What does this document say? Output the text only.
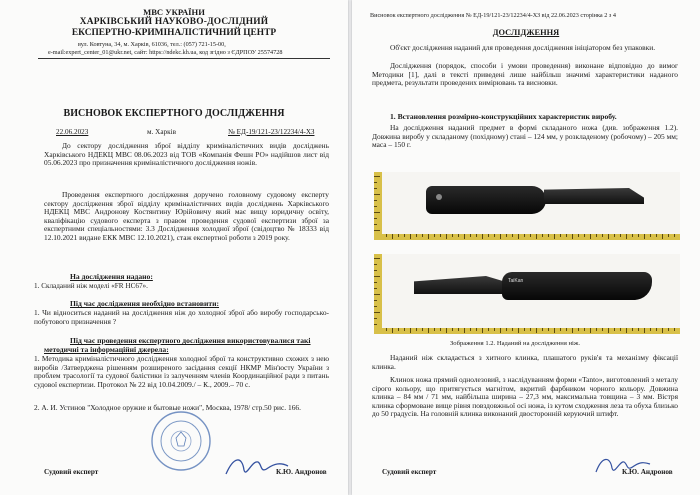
МВС УКРАЇНИ
ХАРКІВСЬКИЙ НАУКОВО-ДОСЛІДНИЙ
ЕКСПЕРТНО-КРИМІНАЛІСТИЧНИЙ ЦЕНТР
вул. Ковтуна, 34, м. Харків, 61036, тел.: (057) 721-15-00,
e-mail:expert_center_01@ukr.net, сайт: https://ndekc.kh.ua, код згідно з ЄДРПОУ 25574728
ВИСНОВОК ЕКСПЕРТНОГО ДОСЛІДЖЕННЯ
22.06.2023	м. Харків	№ ЕД-19/121-23/12234/4-ХЗ
До сектору дослідження зброї відділу криміналістичних видів досліджень Харківського НДЕКЦ МВС 08.06.2023 від ТОВ «Компанія Фешн РО» надійшов лист від 05.06.2023 про призначення криміналістичного дослідження ножів.
Проведення експертного дослідження доручено головному судовому експерту сектору дослідження зброї відділу криміналістичних видів досліджень Харківського НДЕКЦ МВС Андронову Костянтину Юрійовичу який має вищу юридичну освіту, кваліфікацію судового експерта з правом проведення судової експертизи зброї за експертними спеціальностями: 3.3 Дослідження холодної зброї (свідоцтво № 18333 від 12.10.2021 видане ЕКК МВС 12.10.2021), стаж експертної роботи з 2019 року.
На дослідження надано:
1. Складаний ніж моделі «FR HC67».
Під час дослідження необхідно встановити:
1. Чи відноситься наданий на дослідження ніж до холодної зброї або виробу господарсько-побутового призначення ?
Під час проведення експертного дослідження використовувалися такі
методичні та інформаційні джерела:
1. Методика криміналістичного дослідження холодної зброї та конструктивно схожих з нею виробів /Затверджена рішенням розширеного засідання секції НКМР Мін'юсту України з проблем трасології та судової балістики із залученням членів Координаційної ради з питань судової експертизи. Протокол № 22 від 10.04.2009./ – К., 2009.– 70 с.
2. А. И. Устинов "Холодное оружие и бытовые ножи", Москва, 1978/ стр.50 рис. 166.
Судовий експерт	К.Ю. Андронов
Висновок експертного дослідження № ЕД-19/121-23/12234/4-ХЗ від 22.06.2023 сторінка 2 з 4
ДОСЛІДЖЕННЯ
Об'єкт дослідження наданий для проведення дослідження ініціатором без упаковки.
Дослідження (порядок, способи і умови проведення) виконане відповідно до вимог Методики [1], далі в тексті приведені лише найбільш значимі характеристики наданого предмета, результати проведених вимірювань та висновки.
1. Встановлення розмірно-конструкційних характеристик виробу.
На дослідження наданий предмет в формі складаного ножа (див. зображення 1.2). Довжина виробу у складаному (похідному) стані – 124 мм, у розкладеному (робочому) – 205 мм; маса – 150 г.
TaiKan
Зображення 1.2. Наданий на дослідження ніж.
Наданий ніж складається з хитного клинка, плашатого руків'я та механізму фіксації клинка.
Клинок ножа прямий однолезовий, з наслідуванням форми «Tanto», виготовлений з металу сірого кольору, що притягується магнітом, вкритий фарбником чорного кольору. Довжина клинка – 84 мм / 71 мм, найбільша ширина – 27,3 мм, максимальна товщина – 3 мм. Вістря клинка сформоване вище рівня повздовжньої осі ножа, із кутом сходження леза та обуха близько до 50 градусів. На головній клинка виконаний двосторонній керуючий штифт.
Судовий експерт	К.Ю. Андронов
